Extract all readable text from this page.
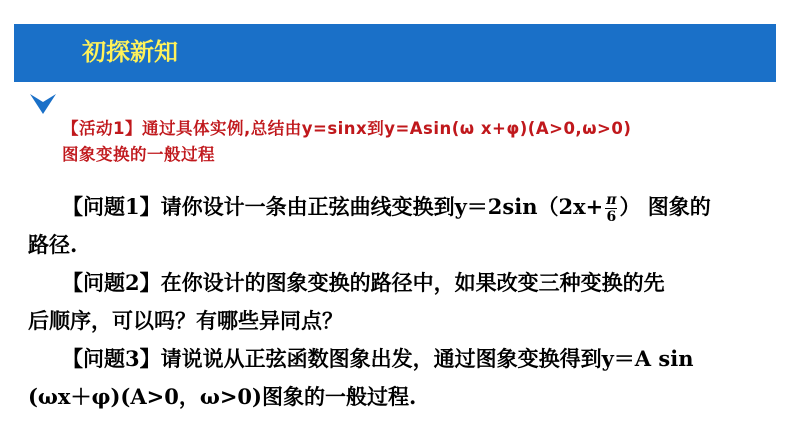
初探新知
【活动1】通过具体实例,总结由y=sinx到y=Asin(ω x+φ)(A>0,ω>0)
图象变换的一般过程
【问题1】请你设计一条由正弦曲线变换到$y=2\sin(2x+ \frac{\pi}{6}$ ） 图象的
路径.
【问题2】在你设计的图象变换的路径中，如果改变三种变换的先
后顺序，可以吗？有哪些异同点？
【问题3】请说说从正弦函数图象出发，通过图象变换得到y＝A sin
(ωx＋φ)(A>0，ω>0)图象的一般过程.
